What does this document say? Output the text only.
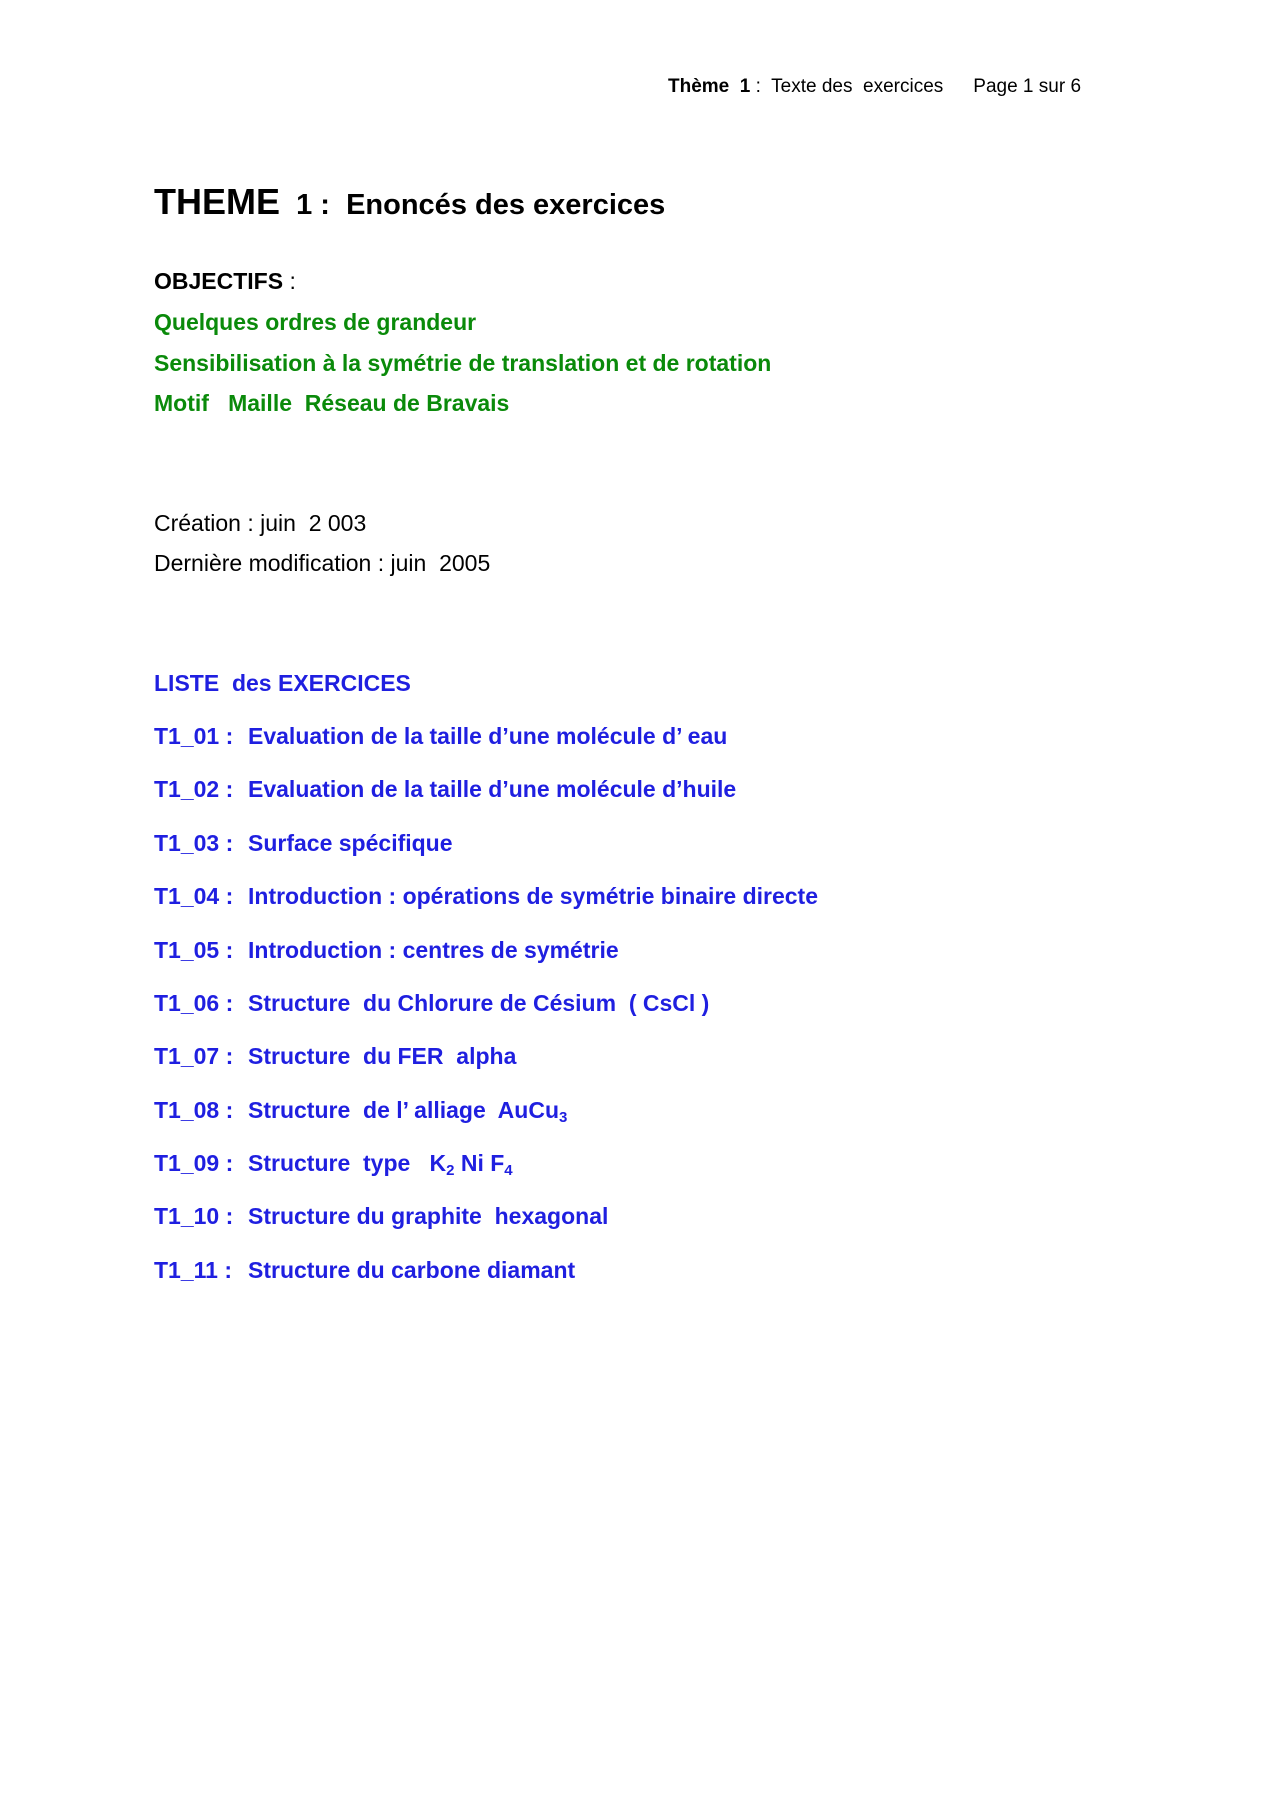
Thème  1 :  Texte des  exercices Page 1 sur 6
THEME  1 :  Enoncés des exercices
OBJECTIFS :
Quelques ordres de grandeur
Sensibilisation à la symétrie de translation et de rotation
Motif   Maille  Réseau de Bravais
Création : juin  2 003
Dernière modification : juin  2005
LISTE  des EXERCICES
T1_01 : Evaluation de la taille d’une molécule d’ eau
T1_02 : Evaluation de la taille d’une molécule d’huile
T1_03 : Surface spécifique
T1_04 : Introduction : opérations de symétrie binaire directe
T1_05 : Introduction : centres de symétrie
T1_06 : Structure  du Chlorure de Césium  ( CsCl )
T1_07 : Structure  du FER  alpha
T1_08 : Structure  de l’ alliage  AuCu$_3$
T1_09 : Structure  type   $K_2$ Ni $F_4$
T1_10 : Structure du graphite  hexagonal
T1_11 : Structure du carbone diamant
